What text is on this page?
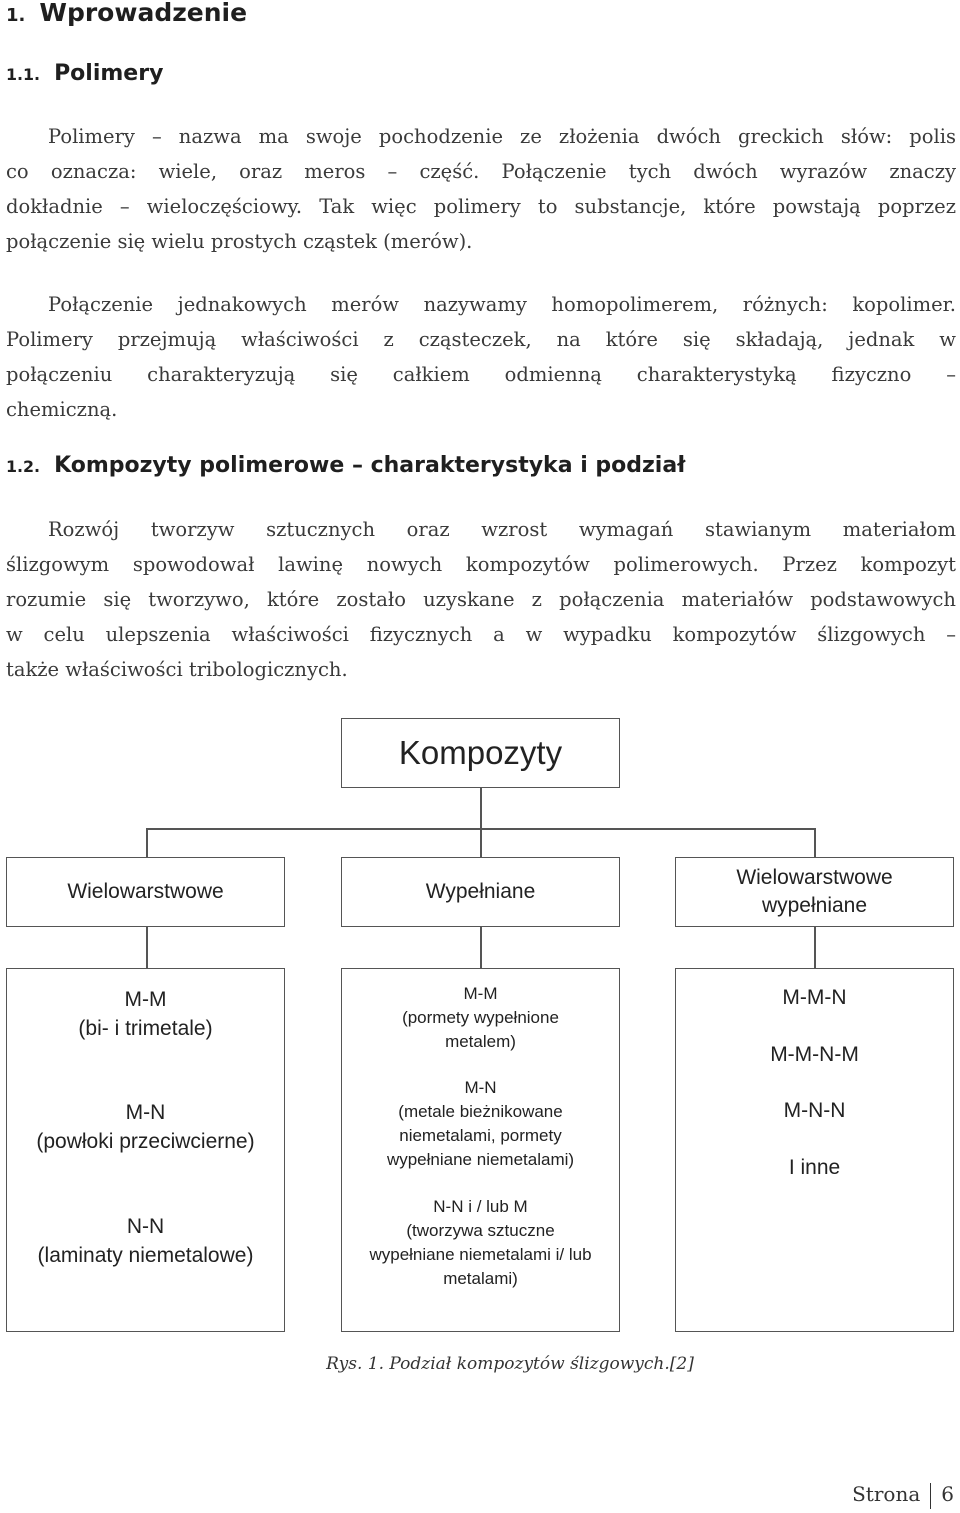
1. Wprowadzenie
1.1. Polimery
Polimery – nazwa ma swoje pochodzenie ze złożenia dwóch greckich słów: polis
co oznacza: wiele, oraz meros – część. Połączenie tych dwóch wyrazów znaczy
dokładnie – wieloczęściowy. Tak więc polimery to substancje, które powstają poprzez
połączenie się wielu prostych cząstek (merów).
Połączenie jednakowych merów nazywamy homopolimerem, różnych: kopolimer.
Polimery przejmują właściwości z cząsteczek, na które się składają, jednak w
połączeniu charakteryzują się całkiem odmienną charakterystyką fizyczno –
chemiczną.
1.2. Kompozyty polimerowe – charakterystyka i podział
Rozwój tworzyw sztucznych oraz wzrost wymagań stawianym materiałom
ślizgowym spowodował lawinę nowych kompozytów polimerowych. Przez kompozyt
rozumie się tworzywo, które zostało uzyskane z połączenia materiałów podstawowych
w celu ulepszenia właściwości fizycznych a w wypadku kompozytów ślizgowych –
także właściwości tribologicznych.
Kompozyty
Wielowarstwowe	Wypełniane
Wielowarstwowe wypełniane
M-M
(bi- i trimetale)
M-N
(powłoki przeciwcierne)
N-N
(laminaty niemetalowe)
M-M
(pormety wypełnione
metalem)
M-N
(metale bieżnikowane
niemetalami, pormety
wypełniane niemetalami)
N-N i / lub M
(tworzywa sztuczne
wypełniane niemetalami i/ lub
metalami)
M-M-N
M-M-N-M
M-N-N
I inne
Rys. 1. Podział kompozytów ślizgowych.[2]
Strona 6
